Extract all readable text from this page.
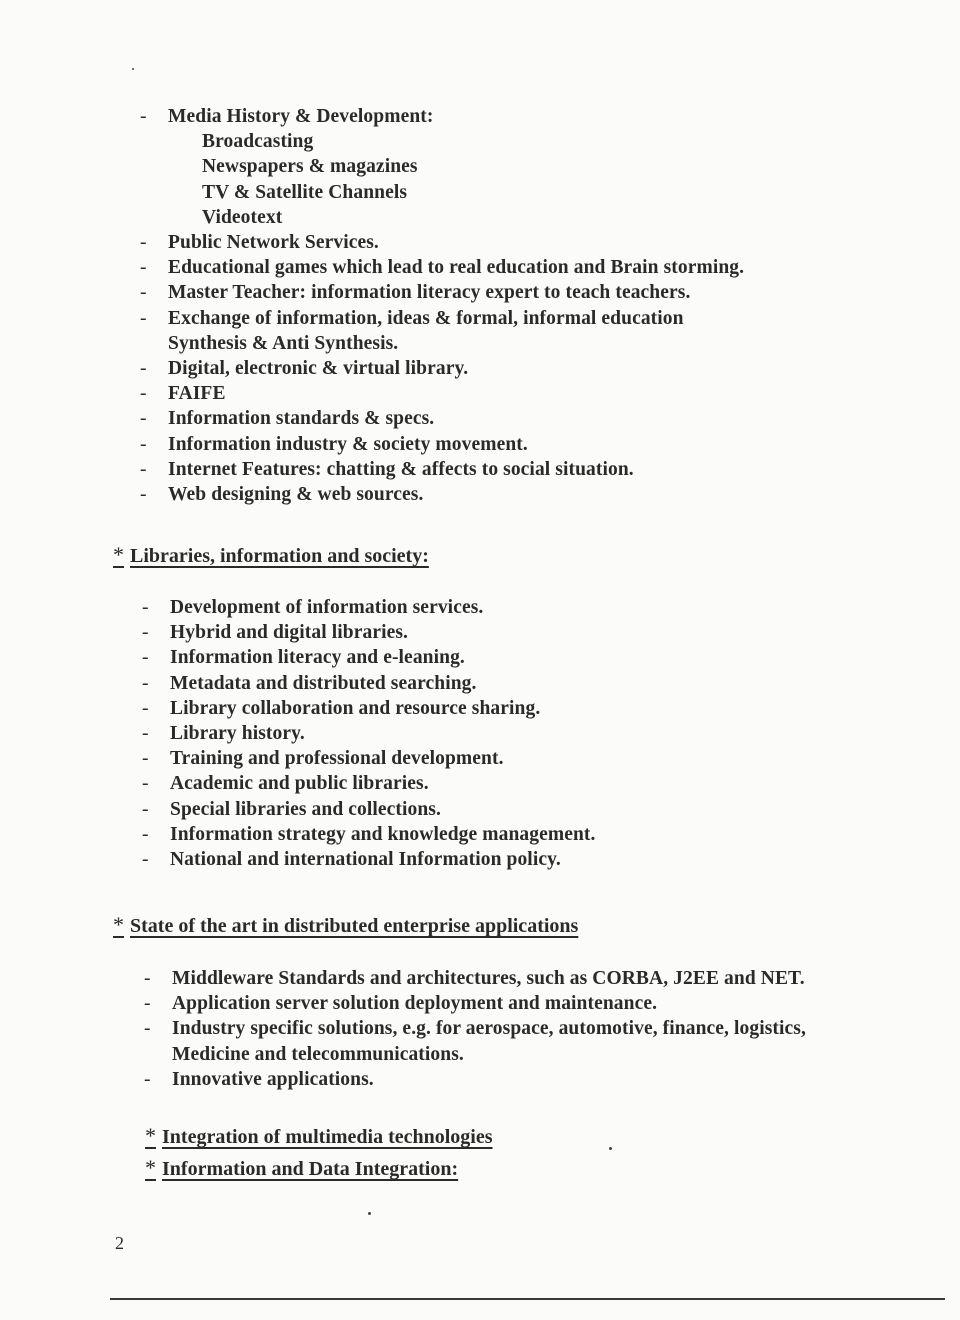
- Media History & Development:
Broadcasting
Newspapers & magazines
TV & Satellite Channels
Videotext
- Public Network Services.
- Educational games which lead to real education and Brain storming.
- Master Teacher: information literacy expert to teach teachers.
- Exchange of information, ideas & formal, informal education
Synthesis & Anti Synthesis.
- Digital, electronic & virtual library.
- FAIFE
- Information standards & specs.
- Information industry & society movement.
- Internet Features: chatting & affects to social situation.
- Web designing & web sources.
* Libraries, information and society:
- Development of information services.
- Hybrid and digital libraries.
- Information literacy and e-leaning.
- Metadata and distributed searching.
- Library collaboration and resource sharing.
- Library history.
- Training and professional development.
- Academic and public libraries.
- Special libraries and collections.
- Information strategy and knowledge management.
- National and international Information policy.
* State of the art in distributed enterprise applications
- Middleware Standards and architectures, such as CORBA, J2EE and NET.
- Application server solution deployment and maintenance.
- Industry specific solutions, e.g. for aerospace, automotive, finance, logistics,
Medicine and telecommunications.
- Innovative applications.
* Integration of multimedia technologies
* Information and Data Integration:
2
